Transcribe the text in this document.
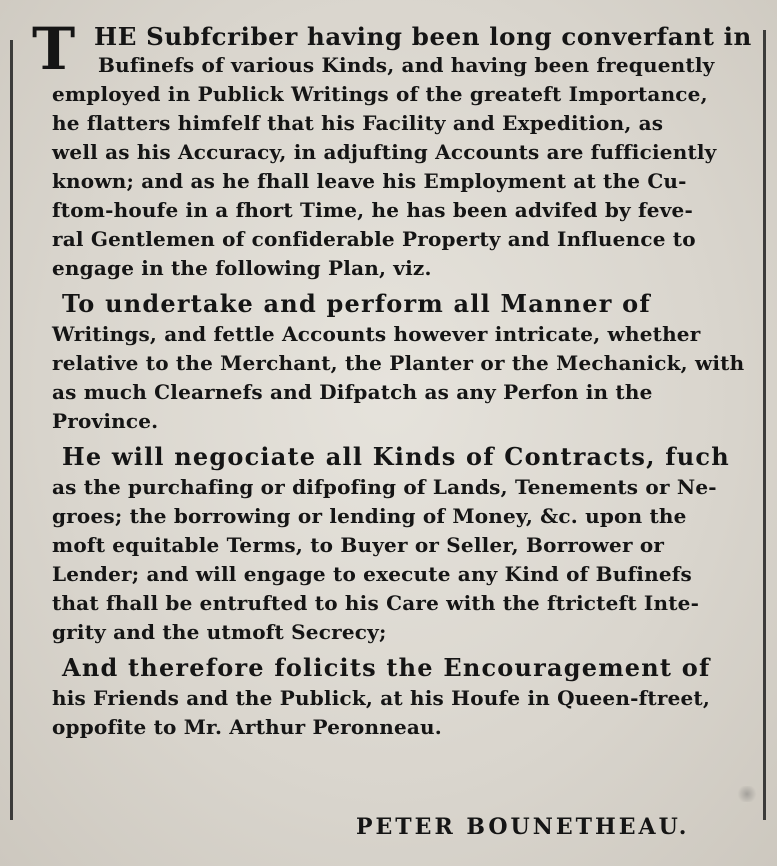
T HE Subfcriber having been long converfant in
Bufinefs of various Kinds, and having been frequently
employed in Publick Writings of the greateft Importance,
he flatters himfelf that his Facility and Expedition, as
well as his Accuracy, in adjufting Accounts are fufficiently
known; and as he fhall leave his Employment at the Cu-
ftom-houfe in a fhort Time, he has been advifed by feve-
ral Gentlemen of confiderable Property and Influence to
engage in the following Plan, viz.
To undertake and perform all Manner of
Writings, and fettle Accounts however intricate, whether
relative to the Merchant, the Planter or the Mechanick, with
as much Clearnefs and Difpatch as any Perfon in the
Province.
He will negociate all Kinds of Contracts, fuch
as the purchafing or difpofing of Lands, Tenements or Ne-
groes; the borrowing or lending of Money, &c. upon the
moft equitable Terms, to Buyer or Seller, Borrower or
Lender; and will engage to execute any Kind of Bufinefs
that fhall be entrufted to his Care with the ftricteft Inte-
grity and the utmoft Secrecy;
And therefore folicits the Encouragement of
his Friends and the Publick, at his Houfe in Queen-ftreet,
oppofite to Mr. Arthur Peronneau.
PETER BOUNETHEAU.
